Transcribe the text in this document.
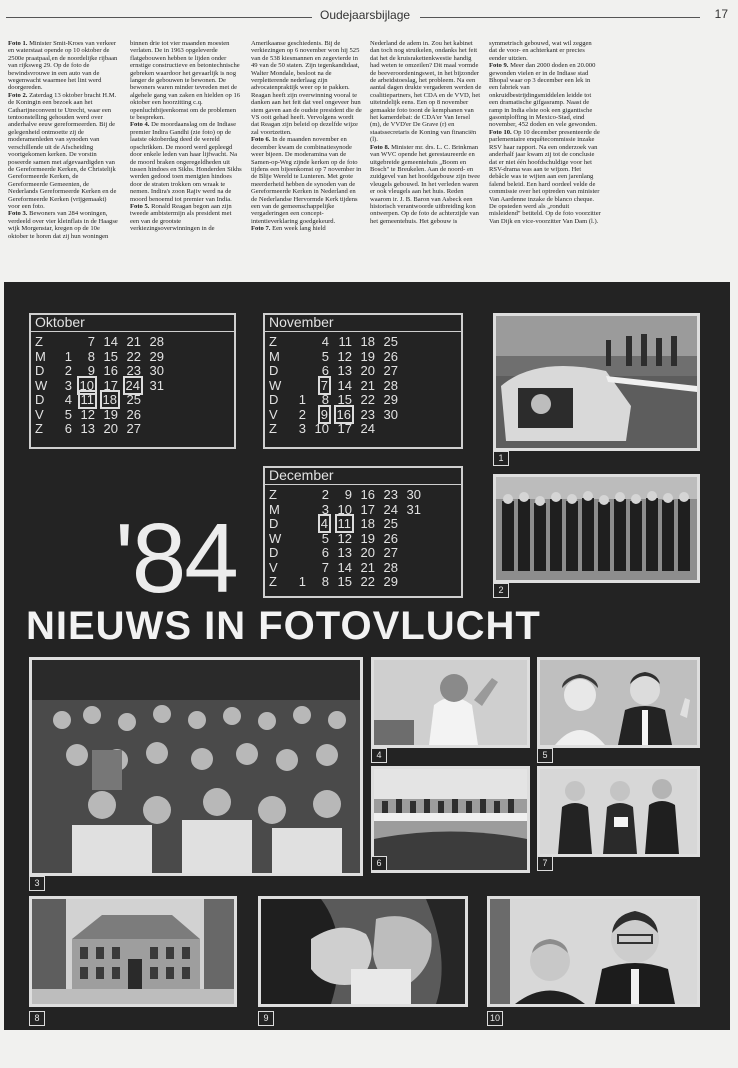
Oudejaarsbijlage	17

Foto 1. Minister Smit-Kroes van verkeer en waterstaat opende op 10 oktober de 2500e praatpaal,en de noordelijke rijbaan van rijksweg 29. Op de foto de bewindsvrouwe in een auto van de wegenwacht waarmee het lint werd doorgereden.

Foto 2. Zaterdag 13 oktober bracht H.M. de Koningin een bezoek aan het Catharijneconvent te Utrecht, waar een tentoonstelling gehouden werd over anderhalve eeuw gereformeerden. Bij de gelegenheid ontmoette zij de moderamenleden van synoden van verschillende uit de Afscheiding voortgekomen kerken. De vorstin poseerde samen met afgevaardigden van de Gereformeerde Kerken, de Christelijk Gereformeerde Kerken, de Gereformeerde Gemeenten, de Nederlands Gereformeerde Kerken en de Gereformeerde Kerken (vrijgemaakt) voor een foto.

Foto 3. Bewoners van 284 woningen, verdeeld over vier kleinflats in de Haagse wijk Morgenstar, kregen op de 10e oktober te horen dat zij hun woningen

binnen drie tot vier maanden moesten verlaten. De in 1963 opgeleverde flatgebouwen hebben te lijden onder ernstige constructieve en betontechnische gebreken waardoor het gevaarlijk is nog langer de gebouwen te bewonen. De bewoners waren minder tevreden met de algehele gang van zaken en hielden op 16 oktober een hoorzitting c.q. openluchtbijeenkomst om de problemen te bespreken.

Foto 4. De moordaanslag om de Indiase premier Indira Gandhi (zie foto) op de laatste oktoberdag deed de wereld opschrikken. De moord werd gepleegd door enkele leden van haar lijfwacht. Na de moord braken ongeregeldheden uit tussen hindoes en Sikhs. Honderden Sikhs werden gedood toen menigten hindoes door de straten trokken om wraak te nemen. Indira's zoon Rajiv werd na de moord benoemd tot premier van India.

Foto 5. Ronald Reagan begon aan zijn tweede ambtstermijn als president met een van de grootste verkiezingsoverwinningen in de

Amerikaanse geschiedenis. Bij de verkiezingen op 6 november won hij 525 van de 538 kiesmannen en zegevierde in 49 van de 50 staten. Zijn tegenkandidaat, Walter Mondale, besloot na de verpletterende nederlaag zijn advocatenpraktijk weer op te pakken. Reagan heeft zijn overwinning vooral te danken aan het feit dat veel ongeveer hun stem gaven aan de oudste president die de VS ooit gehad heeft. Vervolgens wordt dat Reagan zijn beleid op dezelfde wijze zal voortzetten.

Foto 6. In de maanden november en december kwam de combinatiesynode weer bijeen. De moderamina van de Samen-op-Weg zijnde kerken op de foto tijdens een bijeenkomst op 7 november in de Blije Wereld te Lunteren. Met grote meerderheid hebben de synoden van de Gereformeerde Kerken in Nederland en de Nederlandse Hervormde Kerk tijdens een van de gemeenschappelijke vergaderingen een concept-intentieverklaring goedgekeurd.

Foto 7. Een week lang hield

Nederland de adem in. Zou het kabinet dan toch nog struikelen, ondanks het feit dat het de kruisrakettenkwestie handig had weten te omzeilen? Dit maal vormde de beeveroordeningswet, in het bijzonder de arbeidstoeslag, het probleem. Na een aantal dagen drukte vergaderen werden de coalitiepartners, het CDA en de VVD, het uiteindelijk eens. Een op 8 november gemaakte foto toont de kemphanen van het kamerdebat: de CDA'er Van Iersel (m), de VVD'er De Grave (r) en staatssecretaris de Koning van financiën (l).

Foto 8. Minister mr. drs. L. C. Brinkman van WVC opende het gerestaureerde en uitgebreide gemeentehuis „Boom en Bosch" te Breukelen. Aan de noord- en zuidgevel van het hoofdgebouw zijn twee vleugels gebouwd. In het verleden waren er ook vleugels aan het huis. Reden waarom ir. J. B. Baron van Asbeck een historisch verantwoorde uitbreiding kon ontwerpen. Op de foto de achterzijde van het gemeentehuis. Het gebouw is

symmetrisch gebouwd, wat wil zeggen dat de voor- en achterkant er precies eender uitzien.

Foto 9. Meer dan 2000 doden en 20.000 gewonden vielen er in de Indiase stad Bhopal waar op 3 december een lek in een fabriek van onkruidbestrijdingsmiddelen leidde tot een dramatische gifgasramp. Naast de ramp in India elste ook een gigantische gasontploffing in Mexico-Stad, eind november, 452 doden en vele gewonden.

Foto 10. Op 10 december presenteerde de parlementaire enquêtecommissie inzake RSV haar rapport. Na een onderzoek van anderhalf jaar kwam zij tot de conclusie dat er niet één hoofdschuldige voor het RSV-drama was aan te wijzen. Het debâcle was te wijten aan een jarenlang falend beleid. Een hard oordeel velde de commissie over het optreden van minister Van Aardenne inzake de blanco cheque. De opsteden werd als „ronduit misleidend" betiteld. Op de foto voorzitter Van Dijk en vice-voorzitter Van Dam (l.).

Oktober
Z		7	14	21	28
M	1	8	15	22	29
D	2	9	16	23	30
W	3	10	17	24	31
D	4	11	18	25	
V	5	12	19	26	
Z	6	13	20	27	
November
Z		4	11	18	25
M		5	12	19	26
D		6	13	20	27
W		7	14	21	28
D	1	8	15	22	29
V	2	9	16	23	30
Z	3	10	17	24	
December
Z		2	9	16	23	30
M		3	10	17	24	31
D		4	11	18	25	
W		5	12	19	26	
D		6	13	20	27	
V		7	14	21	28	
Z	1	8	15	22	29	
'84
NIEUWS IN FOTOVLUCHT
1
2
3
4	5
6	7
8	9	10
